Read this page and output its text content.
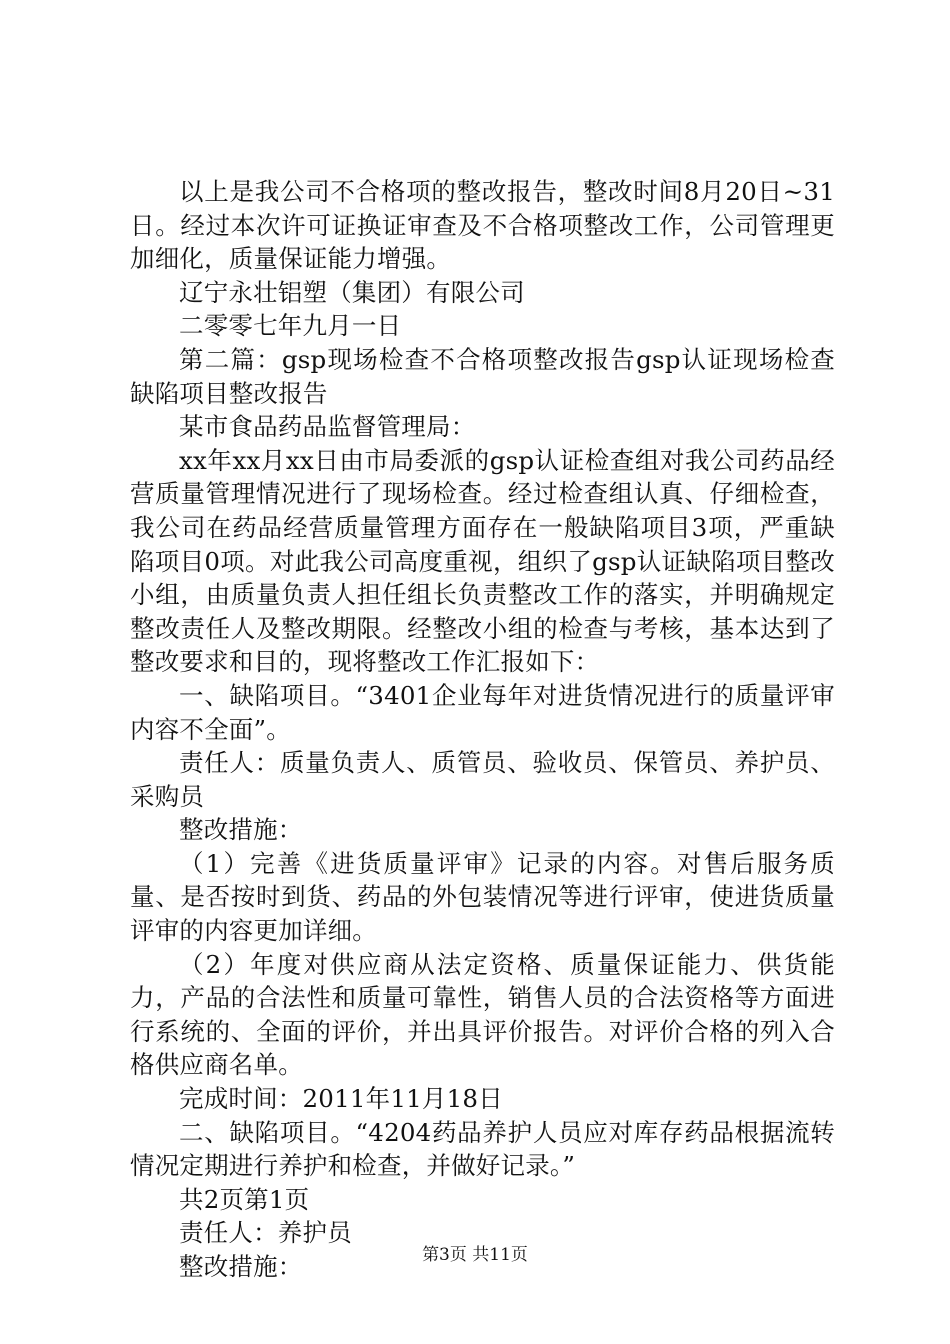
以上是我公司不合格项的整改报告，整改时间8月20日~31日。经过本次许可证换证审查及不合格项整改工作，公司管理更加细化，质量保证能力增强。

辽宁永壮铝塑（集团）有限公司

二零零七年九月一日

第二篇：gsp现场检查不合格项整改报告gsp认证现场检查缺陷项目整改报告

某市食品药品监督管理局：

xx年xx月xx日由市局委派的gsp认证检查组对我公司药品经营质量管理情况进行了现场检查。经过检查组认真、仔细检查，我公司在药品经营质量管理方面存在一般缺陷项目3项，严重缺陷项目0项。对此我公司高度重视，组织了gsp认证缺陷项目整改小组，由质量负责人担任组长负责整改工作的落实，并明确规定整改责任人及整改期限。经整改小组的检查与考核，基本达到了整改要求和目的，现将整改工作汇报如下：

一、缺陷项目。“3401企业每年对进货情况进行的质量评审内容不全面”。

责任人：质量负责人、质管员、验收员、保管员、养护员、采购员

整改措施：

（1）完善《进货质量评审》记录的内容。对售后服务质量、是否按时到货、药品的外包装情况等进行评审，使进货质量评审的内容更加详细。

（2）年度对供应商从法定资格、质量保证能力、供货能力，产品的合法性和质量可靠性，销售人员的合法资格等方面进行系统的、全面的评价，并出具评价报告。对评价合格的列入合格供应商名单。

完成时间：2011年11月18日

二、缺陷项目。“4204药品养护人员应对库存药品根据流转情况定期进行养护和检查，并做好记录。”

共2页第1页

责任人：养护员

整改措施：	第3页 共11页
